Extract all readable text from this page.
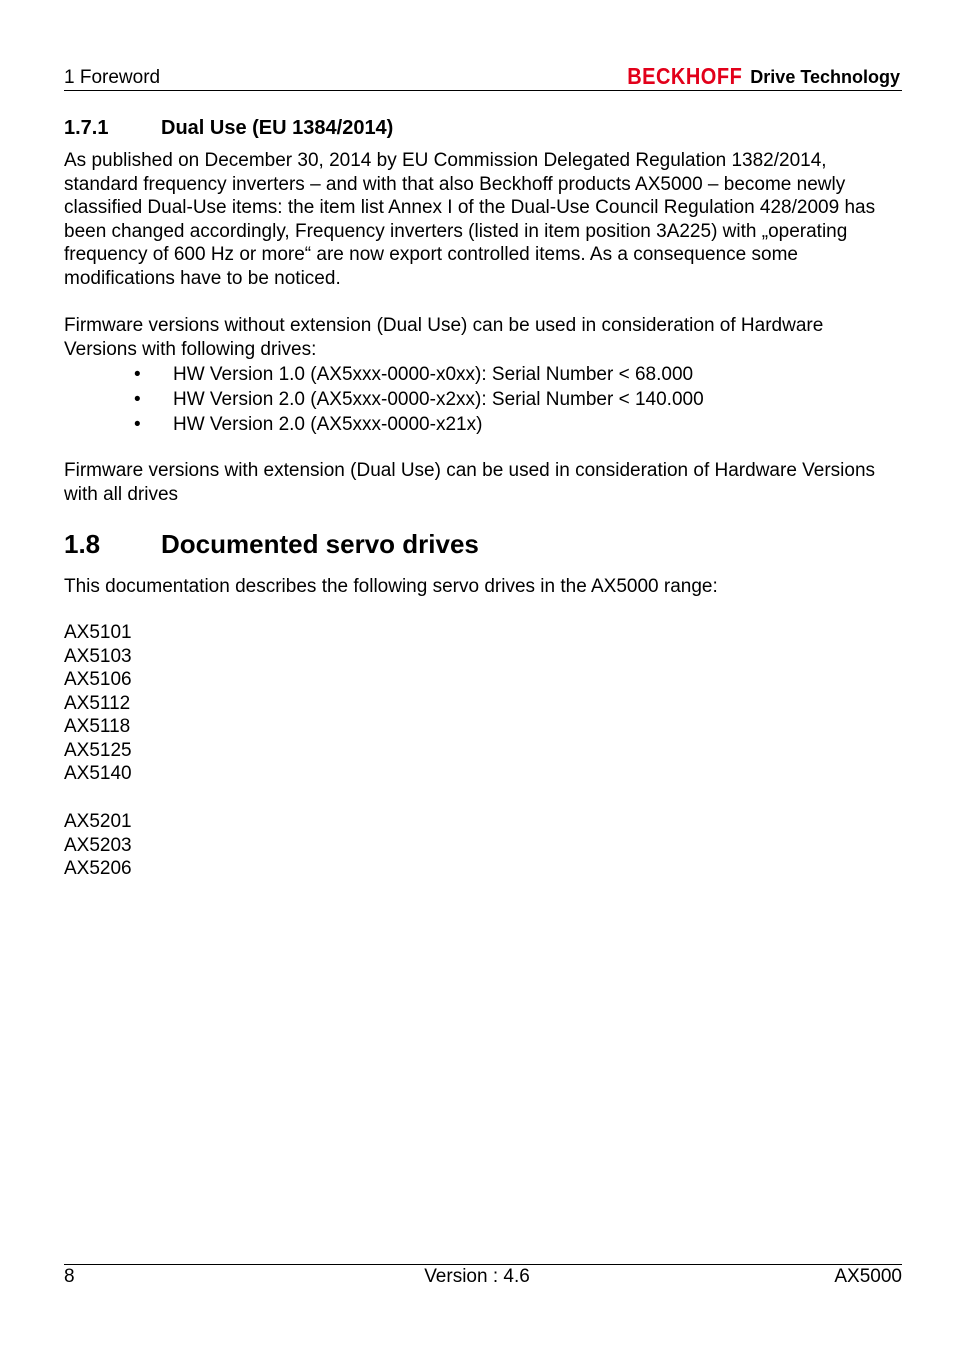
1 Foreword	BECKHOFF Drive Technology
1.7.1	Dual Use (EU 1384/2014)
As published on December 30, 2014 by EU Commission Delegated Regulation 1382/2014, standard frequency inverters – and with that also Beckhoff products AX5000 – become newly classified Dual-Use items: the item list Annex I of the Dual-Use Council Regulation 428/2009 has been changed accordingly, Frequency inverters (listed in item position 3A225) with „operating frequency of 600 Hz or more“ are now export controlled items. As a consequence some modifications have to be noticed.
Firmware versions without extension (Dual Use) can be used in consideration of Hardware Versions with following drives:
•	HW Version 1.0 (AX5xxx-0000-x0xx): Serial Number < 68.000
•	HW Version 2.0 (AX5xxx-0000-x2xx): Serial Number < 140.000
•	HW Version 2.0 (AX5xxx-0000-x21x)
Firmware versions with extension (Dual Use) can be used in consideration of Hardware Versions with all drives
1.8 Documented servo drives
This documentation describes the following servo drives in the AX5000 range:
AX5101
AX5103
AX5106
AX5112
AX5118
AX5125
AX5140
AX5201
AX5203
AX5206
8	Version : 4.6	AX5000
